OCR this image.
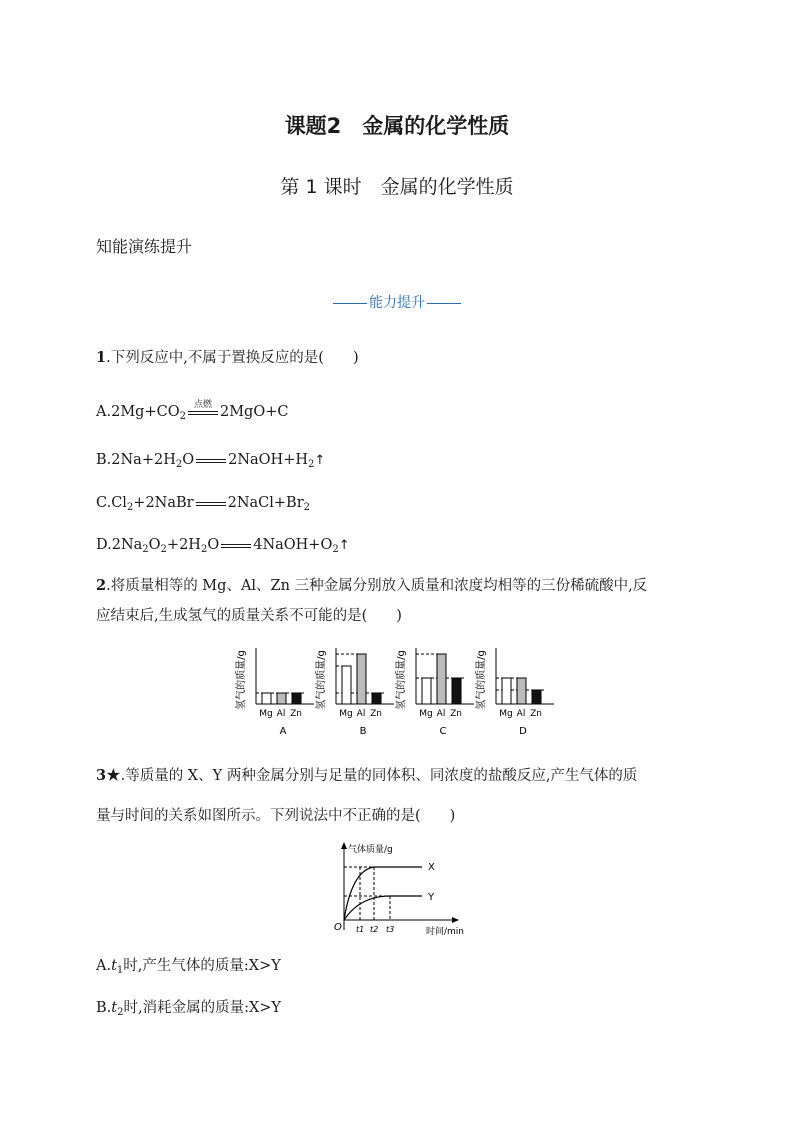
课题2　金属的化学性质
第 1 课时　金属的化学性质
知能演练提升
能力提升
1.下列反应中,不属于置换反应的是(　　)
$A.2Mg+CO_2$
点燃 2MgO+C
$B.2Na+2H_2O$ $2NaOH+H_2↑$
$C.Cl_2+2NaBr$ $2NaCl+Br_2$
$D.2Na_2O_2+2H_2O$ $4NaOH+O_2↑$
2.将质量相等的 Mg、Al、Zn 三种金属分别放入质量和浓度均相等的三份稀硫酸中,反
应结束后,生成氢气的质量关系不可能的是(　　)
氢气的质量/g
Mg Al Zn
A
氢气的质量/g
Mg Al Zn
B
氢气的质量/g
Mg Al Zn
C
氢气的质量/g
Mg Al Zn
D
3★.等质量的 X、Y 两种金属分别与足量的同体积、同浓度的盐酸反应,产生气体的质
量与时间的关系如图所示。下列说法中不正确的是(　　)
气体质量/g
时间/min
O
X
Y
t1 t2 t3
$A.t_1$时,产生气体的质量:X>Y
$B.t_2$时,消耗金属的质量:X>Y
